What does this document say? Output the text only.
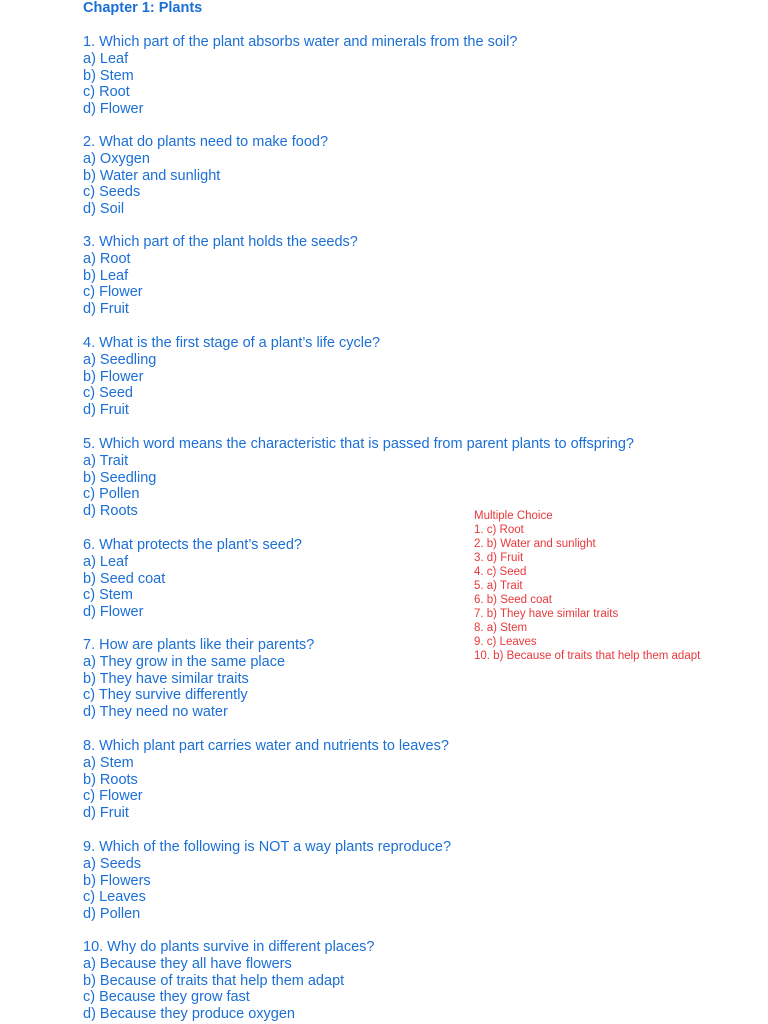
Chapter 1: Plants
1. Which part of the plant absorbs water and minerals from the soil?
a) Leaf
b) Stem
c) Root
d) Flower
2. What do plants need to make food?
a) Oxygen
b) Water and sunlight
c) Seeds
d) Soil
3. Which part of the plant holds the seeds?
a) Root
b) Leaf
c) Flower
d) Fruit
4. What is the first stage of a plant’s life cycle?
a) Seedling
b) Flower
c) Seed
d) Fruit
5. Which word means the characteristic that is passed from parent plants to offspring?
a) Trait
b) Seedling
c) Pollen
d) Roots
6. What protects the plant’s seed?
a) Leaf
b) Seed coat
c) Stem
d) Flower
7. How are plants like their parents?
a) They grow in the same place
b) They have similar traits
c) They survive differently
d) They need no water
8. Which plant part carries water and nutrients to leaves?
a) Stem
b) Roots
c) Flower
d) Fruit
9. Which of the following is NOT a way plants reproduce?
a) Seeds
b) Flowers
c) Leaves
d) Pollen
10. Why do plants survive in different places?
a) Because they all have flowers
b) Because of traits that help them adapt
c) Because they grow fast
d) Because they produce oxygen
Multiple Choice
1. c) Root
2. b) Water and sunlight
3. d) Fruit
4. c) Seed
5. a) Trait
6. b) Seed coat
7. b) They have similar traits
8. a) Stem
9. c) Leaves
10. b) Because of traits that help them adapt
